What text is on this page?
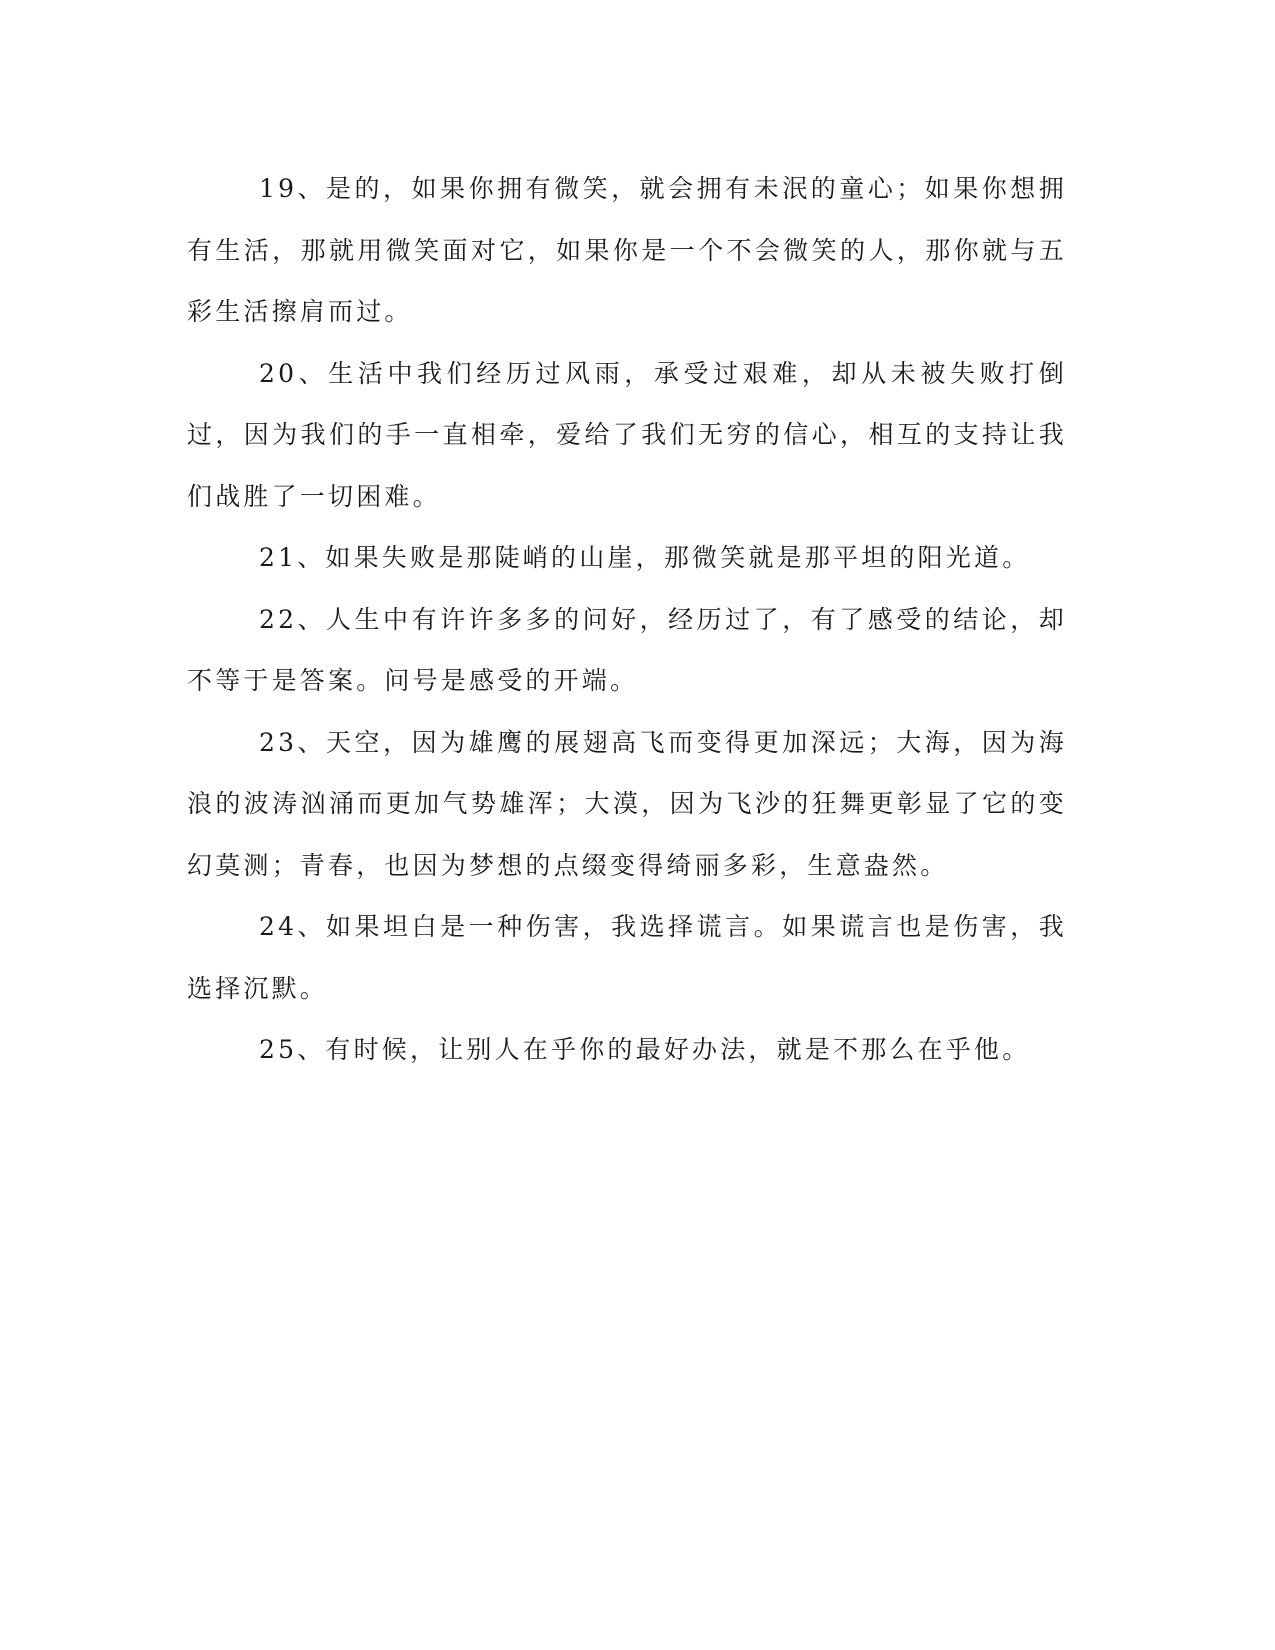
19、是的，如果你拥有微笑，就会拥有未泯的童心；如果你想拥有生活，那就用微笑面对它，如果你是一个不会微笑的人，那你就与五彩生活擦肩而过。

20、生活中我们经历过风雨，承受过艰难，却从未被失败打倒过，因为我们的手一直相牵，爱给了我们无穷的信心，相互的支持让我们战胜了一切困难。

21、如果失败是那陡峭的山崖，那微笑就是那平坦的阳光道。

22、人生中有许许多多的问好，经历过了，有了感受的结论，却不等于是答案。问号是感受的开端。

23、天空，因为雄鹰的展翅高飞而变得更加深远；大海，因为海浪的波涛汹涌而更加气势雄浑；大漠，因为飞沙的狂舞更彰显了它的变幻莫测；青春，也因为梦想的点缀变得绮丽多彩，生意盎然。

24、如果坦白是一种伤害，我选择谎言。如果谎言也是伤害，我选择沉默。

25、有时候，让别人在乎你的最好办法，就是不那么在乎他。
